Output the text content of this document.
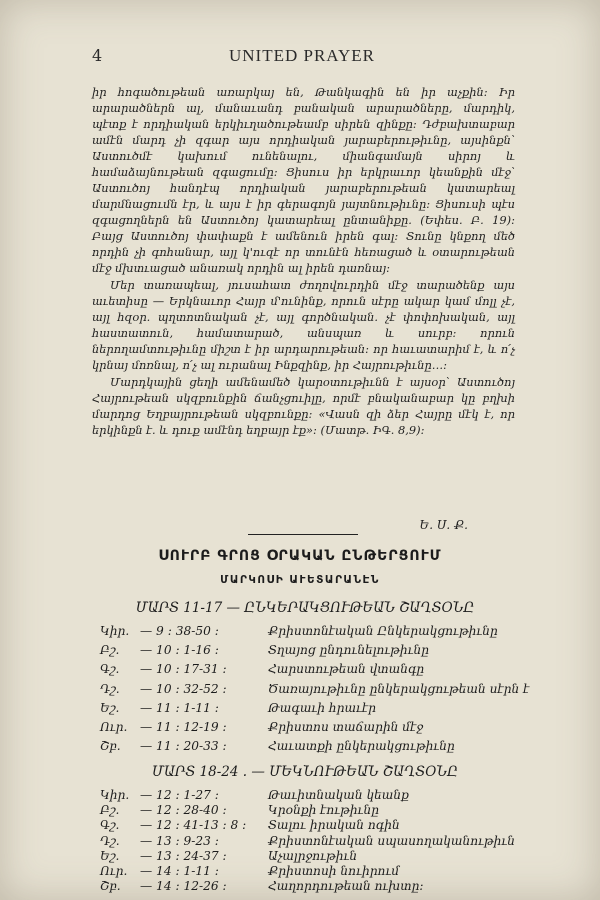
4	UNITED PRAYER

իր հոգածութեան առարկայ են, Թանկագին են իր աչքին։ Իր արարածներն ալ, մանաւանդ բանական արարածները, մարդիկ, պէտք է որդիական երկիւղածութեամբ սիրեն զինքը։ Դժբախտաբար ամէն մարդ չի զգար այս որդիական յարաբերութիւնը, այսինքն՝ Աստուծմէ կախում ունենալու, միանգամայն սիրոյ և համաձայնութեան զգացումը։ Ցիսուս իր երկրաւոր կեանքին մէջ՝ Աստուծոյ հանդէպ որդիական յարաբերութեան կատարեալ մարմնացումն էր, և այս է իր գերագոյն յայտնութիւնը։ Ցիսուսի պէս զգացողներն են Աստուծոյ կատարեալ ընտանիքը. (Եփես. Բ. 19)։ Բայց Աստուծոյ փափաքն է ամենուն իրեն գալ։ Տունը կնքող մեծ որդին չի գոհանար, այլ կ'ուզէ որ տունէն հեռացած և օտարութեան մէջ մխտւացած անառակ որդին ալ իրեն դառնայ։

Մեր տառապեալ, յուսահատ ժողովուրդին մէջ տարածենք այս աւետիսը — Երկնաւոր Հայր մ'ունինք, որուն սէրը ակար կամ մոլլ չէ, այլ հզօր. պղտոտնական չէ, այլ գործնական. չէ փոփոխական, այլ հաստատուն, համատարած, անսպառ և սուրբ։ որուն ներողամտութիւնը միշտ է իր արդարութեան։ որ հաւատարիմ է, և ո՛չ կրնայ մոռնալ, ո՛չ ալ ուրանալ Ինքզինք, իր Հայրութիւնը…։

Մարդկային ցեղի ամենամեծ կարօտութիւնն է այսօր՝ Աստուծոյ Հայրութեան սկզբունքին ճանչցուիլը, որմէ բնականաբար կը բղխի մարդոց Եղբայրութեան սկզբունքը։ «Վասն զի ձեր Հայրը մէկ է, որ երկինքն է. և դուք ամէնդ եղբայր էք»։ (Մատթ. ԻԳ. 8,9)։

Ե. Ս. Ք.
ՍՈՒՐԲ ԳՐՈՑ ՕՐԱԿԱՆ ԸՆԹԵՐՑՈՒՄ
ՄԱՐԿՈՍԻ ԱՒԵՏԱՐԱՆԷՆ
ՄԱՐՏ 11-17 — ԸՆԿԵՐԱԿՑՈՒԹԵԱՆ ՇԱՂՏՕՆԸ
Կիր. — 9 ։ 38-50 ։	Քրիստոնէական Ընկերակցութիւնը
Բշ. — 10 ։ 1-16 ։	Տղայոց ընդունելութիւնը
Գշ. — 10 ։ 17-31 ։	Հարստութեան վտանգը
Դշ. — 10 ։ 32-52 ։	Ծառայութիւնը ընկերակցութեան սէրն է
Եշ. — 11 ։ 1-11 ։	Թագաւի հրաւէր
Ուր. — 11 ։ 12-19 ։	Քրիստոս տաճարին մէջ
Շբ. — 11 ։ 20-33 ։	Հաւատքի ընկերակցութիւնը
ՄԱՐՏ 18-24 . — ՄԵԿՆՈՒԹԵԱՆ ՇԱՂՏՕՆԸ
Կիր. — 12 ։ 1-27 ։	Թաւիտնական կեանք
Բշ. — 12 ։ 28-40 ։	Կրօնքի էութիւնը
Գշ. — 12 ։ 41-13 ։ 8 ։ Տալու իրական ոգին
Դշ. — 13 ։ 9-23 ։	Քրիստոնէական սպասողականութիւն
Եշ. — 13 ։ 24-37 ։	Աչալրջութիւն
Ուր. — 14 ։ 1-11 ։	Քրիստոսի նուիրում
Շբ. — 14 ։ 12-26 ։	Հաղորդութեան ուխտը։
